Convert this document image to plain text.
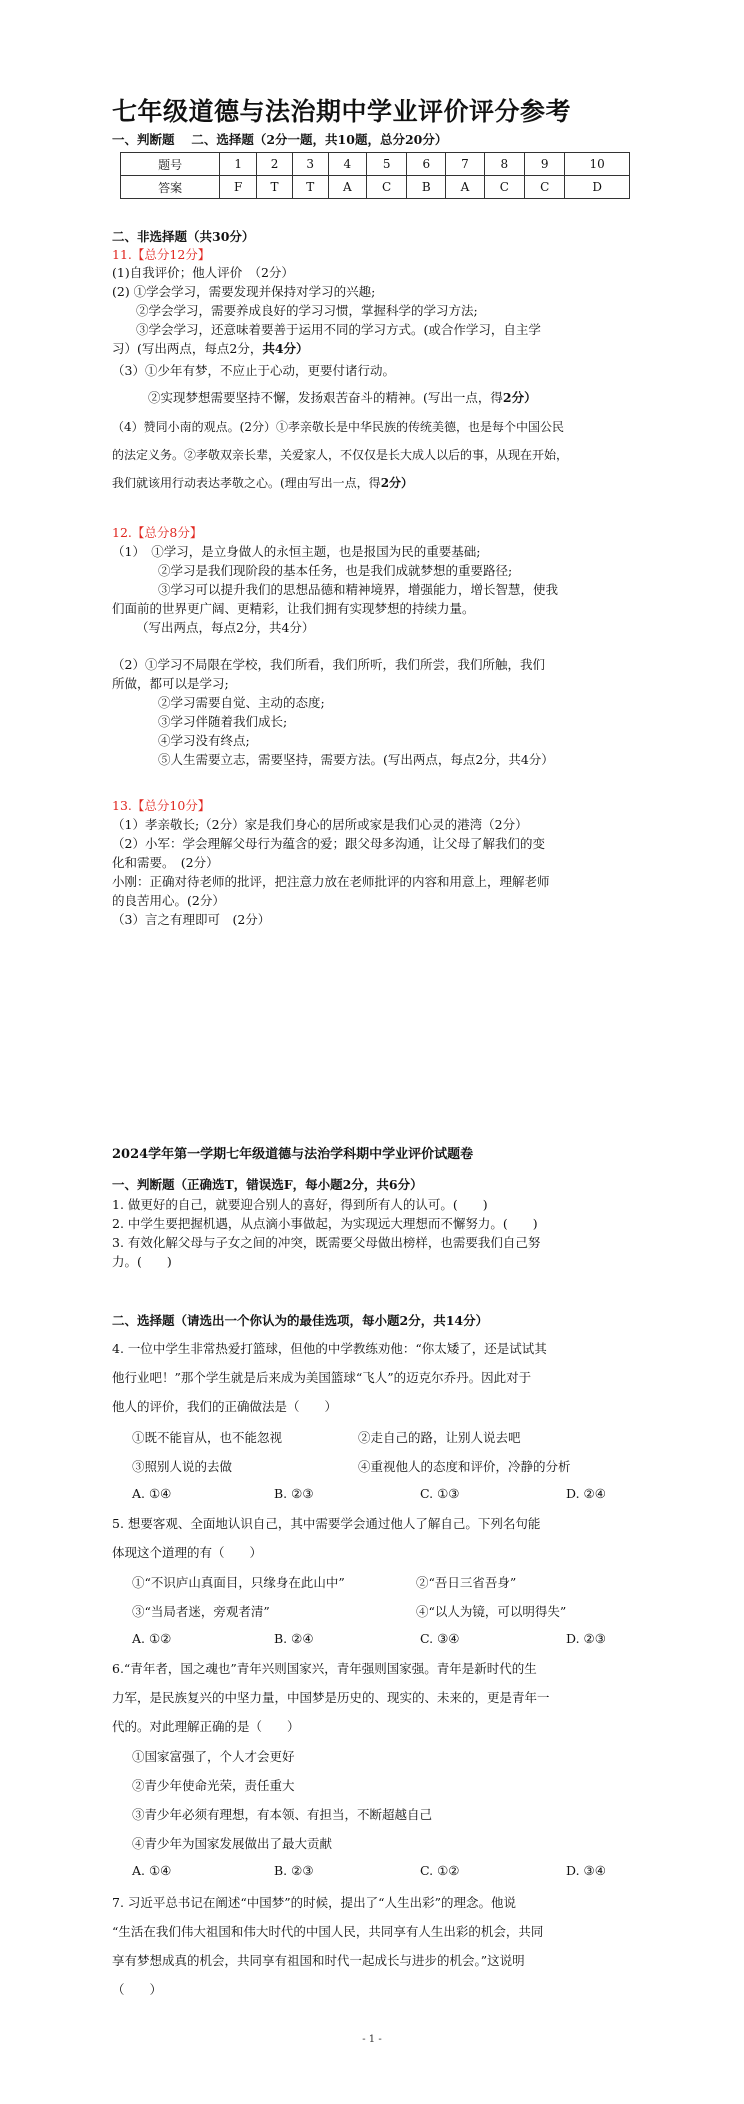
七年级道德与法治期中学业评价评分参考
一、判断题　 二、选择题（2分一题，共10题，总分20分）
题号	1	2	3	4	5	6	7	8	9	10
答案	F	T	T	A	C	B	A	C	C	D
二、非选择题（共30分）
11.【总分12分】
(1)自我评价；他人评价　（2分）
(2) ①学会学习，需要发现并保持对学习的兴趣;
②学会学习，需要养成良好的学习习惯，掌握科学的学习方法;
③学会学习，还意味着要善于运用不同的学习方式。(或合作学习，自主学
习）(写出两点，每点2分，共4分）
（3）①少年有梦，不应止于心动，更要付诸行动。
②实现梦想需要坚持不懈，发扬艰苦奋斗的精神。(写出一点，得2分）
（4）赞同小南的观点。(2分）①孝亲敬长是中华民族的传统美德，也是每个中国公民
的法定义务。②孝敬双亲长辈，关爱家人，不仅仅是长大成人以后的事，从现在开始，
我们就该用行动表达孝敬之心。(理由写出一点，得2分）
12.【总分8分】
（1）　①学习，是立身做人的永恒主题，也是报国为民的重要基础;
②学习是我们现阶段的基本任务，也是我们成就梦想的重要路径;
③学习可以提升我们的思想品德和精神境界，增强能力，增长智慧，使我
们面前的世界更广阔、更精彩，让我们拥有实现梦想的持续力量。
（写出两点，每点2分，共4分）
（2）①学习不局限在学校，我们所看，我们所听，我们所尝，我们所触，我们
所做，都可以是学习;
②学习需要自觉、主动的态度;
③学习伴随着我们成长;
④学习没有终点;
⑤人生需要立志，需要坚持，需要方法。(写出两点，每点2分，共4分）
13.【总分10分】
（1）孝亲敬长;（2分）家是我们身心的居所或家是我们心灵的港湾（2分）
（2）小军：学会理解父母行为蕴含的爱；跟父母多沟通，让父母了解我们的变
化和需要。　(2分）
小刚：正确对待老师的批评，把注意力放在老师批评的内容和用意上，理解老师
的良苦用心。(2分）
（3）言之有理即可　(2分）
2024学年第一学期七年级道德与法治学科期中学业评价试题卷
一、判断题（正确选T，错误选F，每小题2分，共6分）
1. 做更好的自己，就要迎合别人的喜好，得到所有人的认可。(　　)
2. 中学生要把握机遇，从点滴小事做起，为实现远大理想而不懈努力。(　　)
3. 有效化解父母与子女之间的冲突，既需要父母做出榜样，也需要我们自己努
力。(　　)
二、选择题（请选出一个你认为的最佳选项，每小题2分，共14分）
4. 一位中学生非常热爱打篮球，但他的中学教练劝他：“你太矮了，还是试试其
他行业吧！”那个学生就是后来成为美国篮球“飞人”的迈克尔乔丹。因此对于
他人的评价，我们的正确做法是（　　）
①既不能盲从，也不能忽视	②走自己的路，让别人说去吧
③照别人说的去做	④重视他人的态度和评价，冷静的分析
A. ①④	B. ②③	C. ①③	D. ②④
5. 想要客观、全面地认识自己，其中需要学会通过他人了解自己。下列名句能
体现这个道理的有（　　）
①“不识庐山真面目，只缘身在此山中”	②“吾日三省吾身”
③“当局者迷，旁观者清”	④“以人为镜，可以明得失”
A. ①②	B. ②④	C. ③④	D. ②③
6.“青年者，国之魂也”青年兴则国家兴，青年强则国家强。青年是新时代的生
力军，是民族复兴的中坚力量，中国梦是历史的、现实的、未来的，更是青年一
代的。对此理解正确的是（　　）
①国家富强了，个人才会更好
②青少年使命光荣，责任重大
③青少年必须有理想，有本领、有担当，不断超越自己
④青少年为国家发展做出了最大贡献
A. ①④	B. ②③	C. ①②	D. ③④
7. 习近平总书记在阐述“中国梦”的时候，提出了“人生出彩”的理念。他说
“生活在我们伟大祖国和伟大时代的中国人民，共同享有人生出彩的机会，共同
享有梦想成真的机会，共同享有祖国和时代一起成长与进步的机会。”这说明
（　　）
- 1 -
